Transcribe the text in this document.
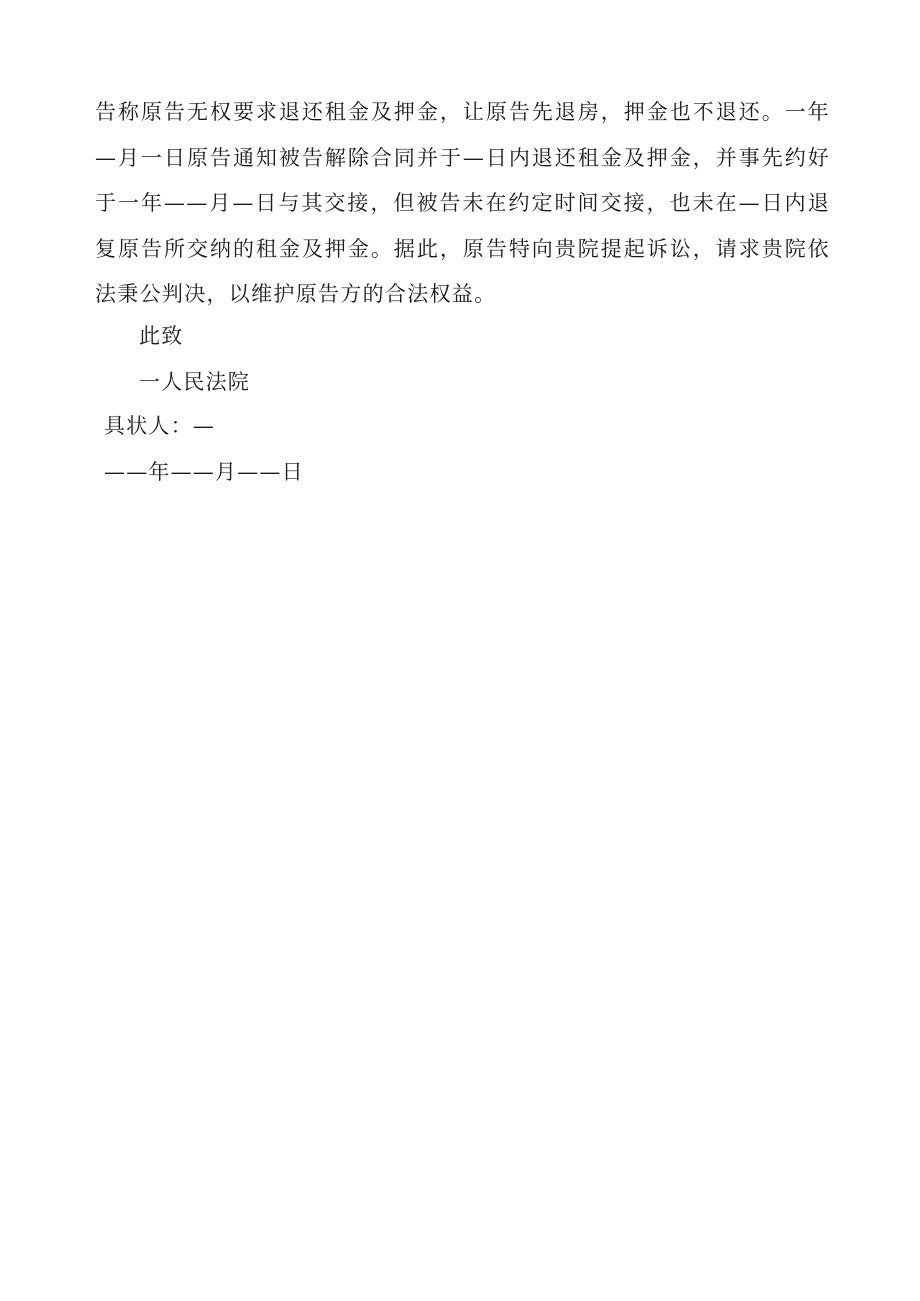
告称原告无权要求退还租金及押金，让原告先退房，押金也不退还。一年—月一日原告通知被告解除合同并于—日内退还租金及押金，并事先约好于一年——月—日与其交接，但被告未在约定时间交接，也未在—日内退复原告所交纳的租金及押金。据此，原告特向贵院提起诉讼，请求贵院依法秉公判决，以维护原告方的合法权益。

此致

一人民法院

具状人：—

——年——月——日
